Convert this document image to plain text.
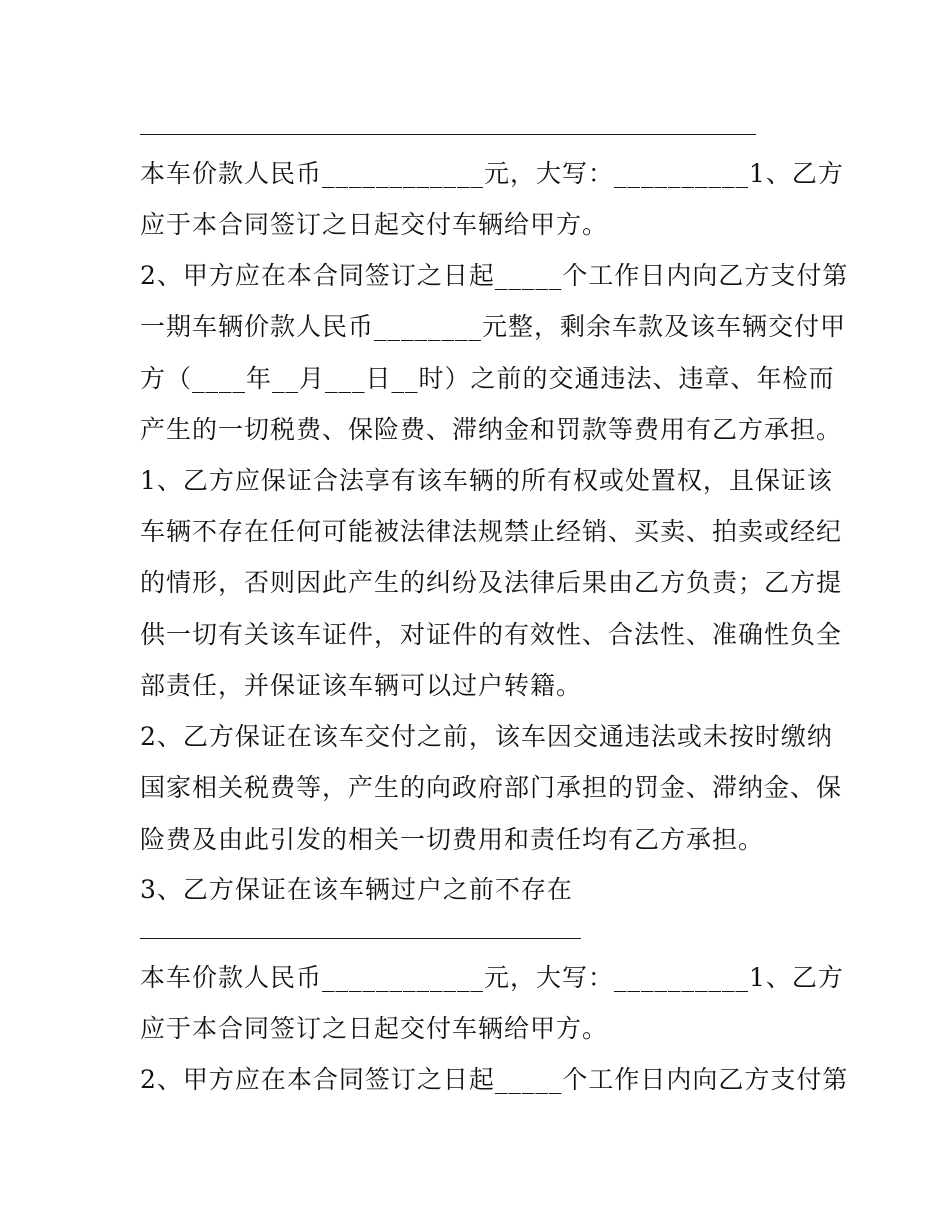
本车价款人民币____________元，大写：__________1、乙方
应于本合同签订之日起交付车辆给甲方。
2、甲方应在本合同签订之日起_____个工作日内向乙方支付第
一期车辆价款人民币________元整，剩余车款及该车辆交付甲
方（____年__月___日__时）之前的交通违法、违章、年检而
产生的一切税费、保险费、滞纳金和罚款等费用有乙方承担。
1、乙方应保证合法享有该车辆的所有权或处置权，且保证该
车辆不存在任何可能被法律法规禁止经销、买卖、拍卖或经纪
的情形，否则因此产生的纠纷及法律后果由乙方负责；乙方提
供一切有关该车证件，对证件的有效性、合法性、准确性负全
部责任，并保证该车辆可以过户转籍。
2、乙方保证在该车交付之前，该车因交通违法或未按时缴纳
国家相关税费等，产生的向政府部门承担的罚金、滞纳金、保
险费及由此引发的相关一切费用和责任均有乙方承担。
3、乙方保证在该车辆过户之前不存在
本车价款人民币____________元，大写：__________1、乙方
应于本合同签订之日起交付车辆给甲方。
2、甲方应在本合同签订之日起_____个工作日内向乙方支付第
